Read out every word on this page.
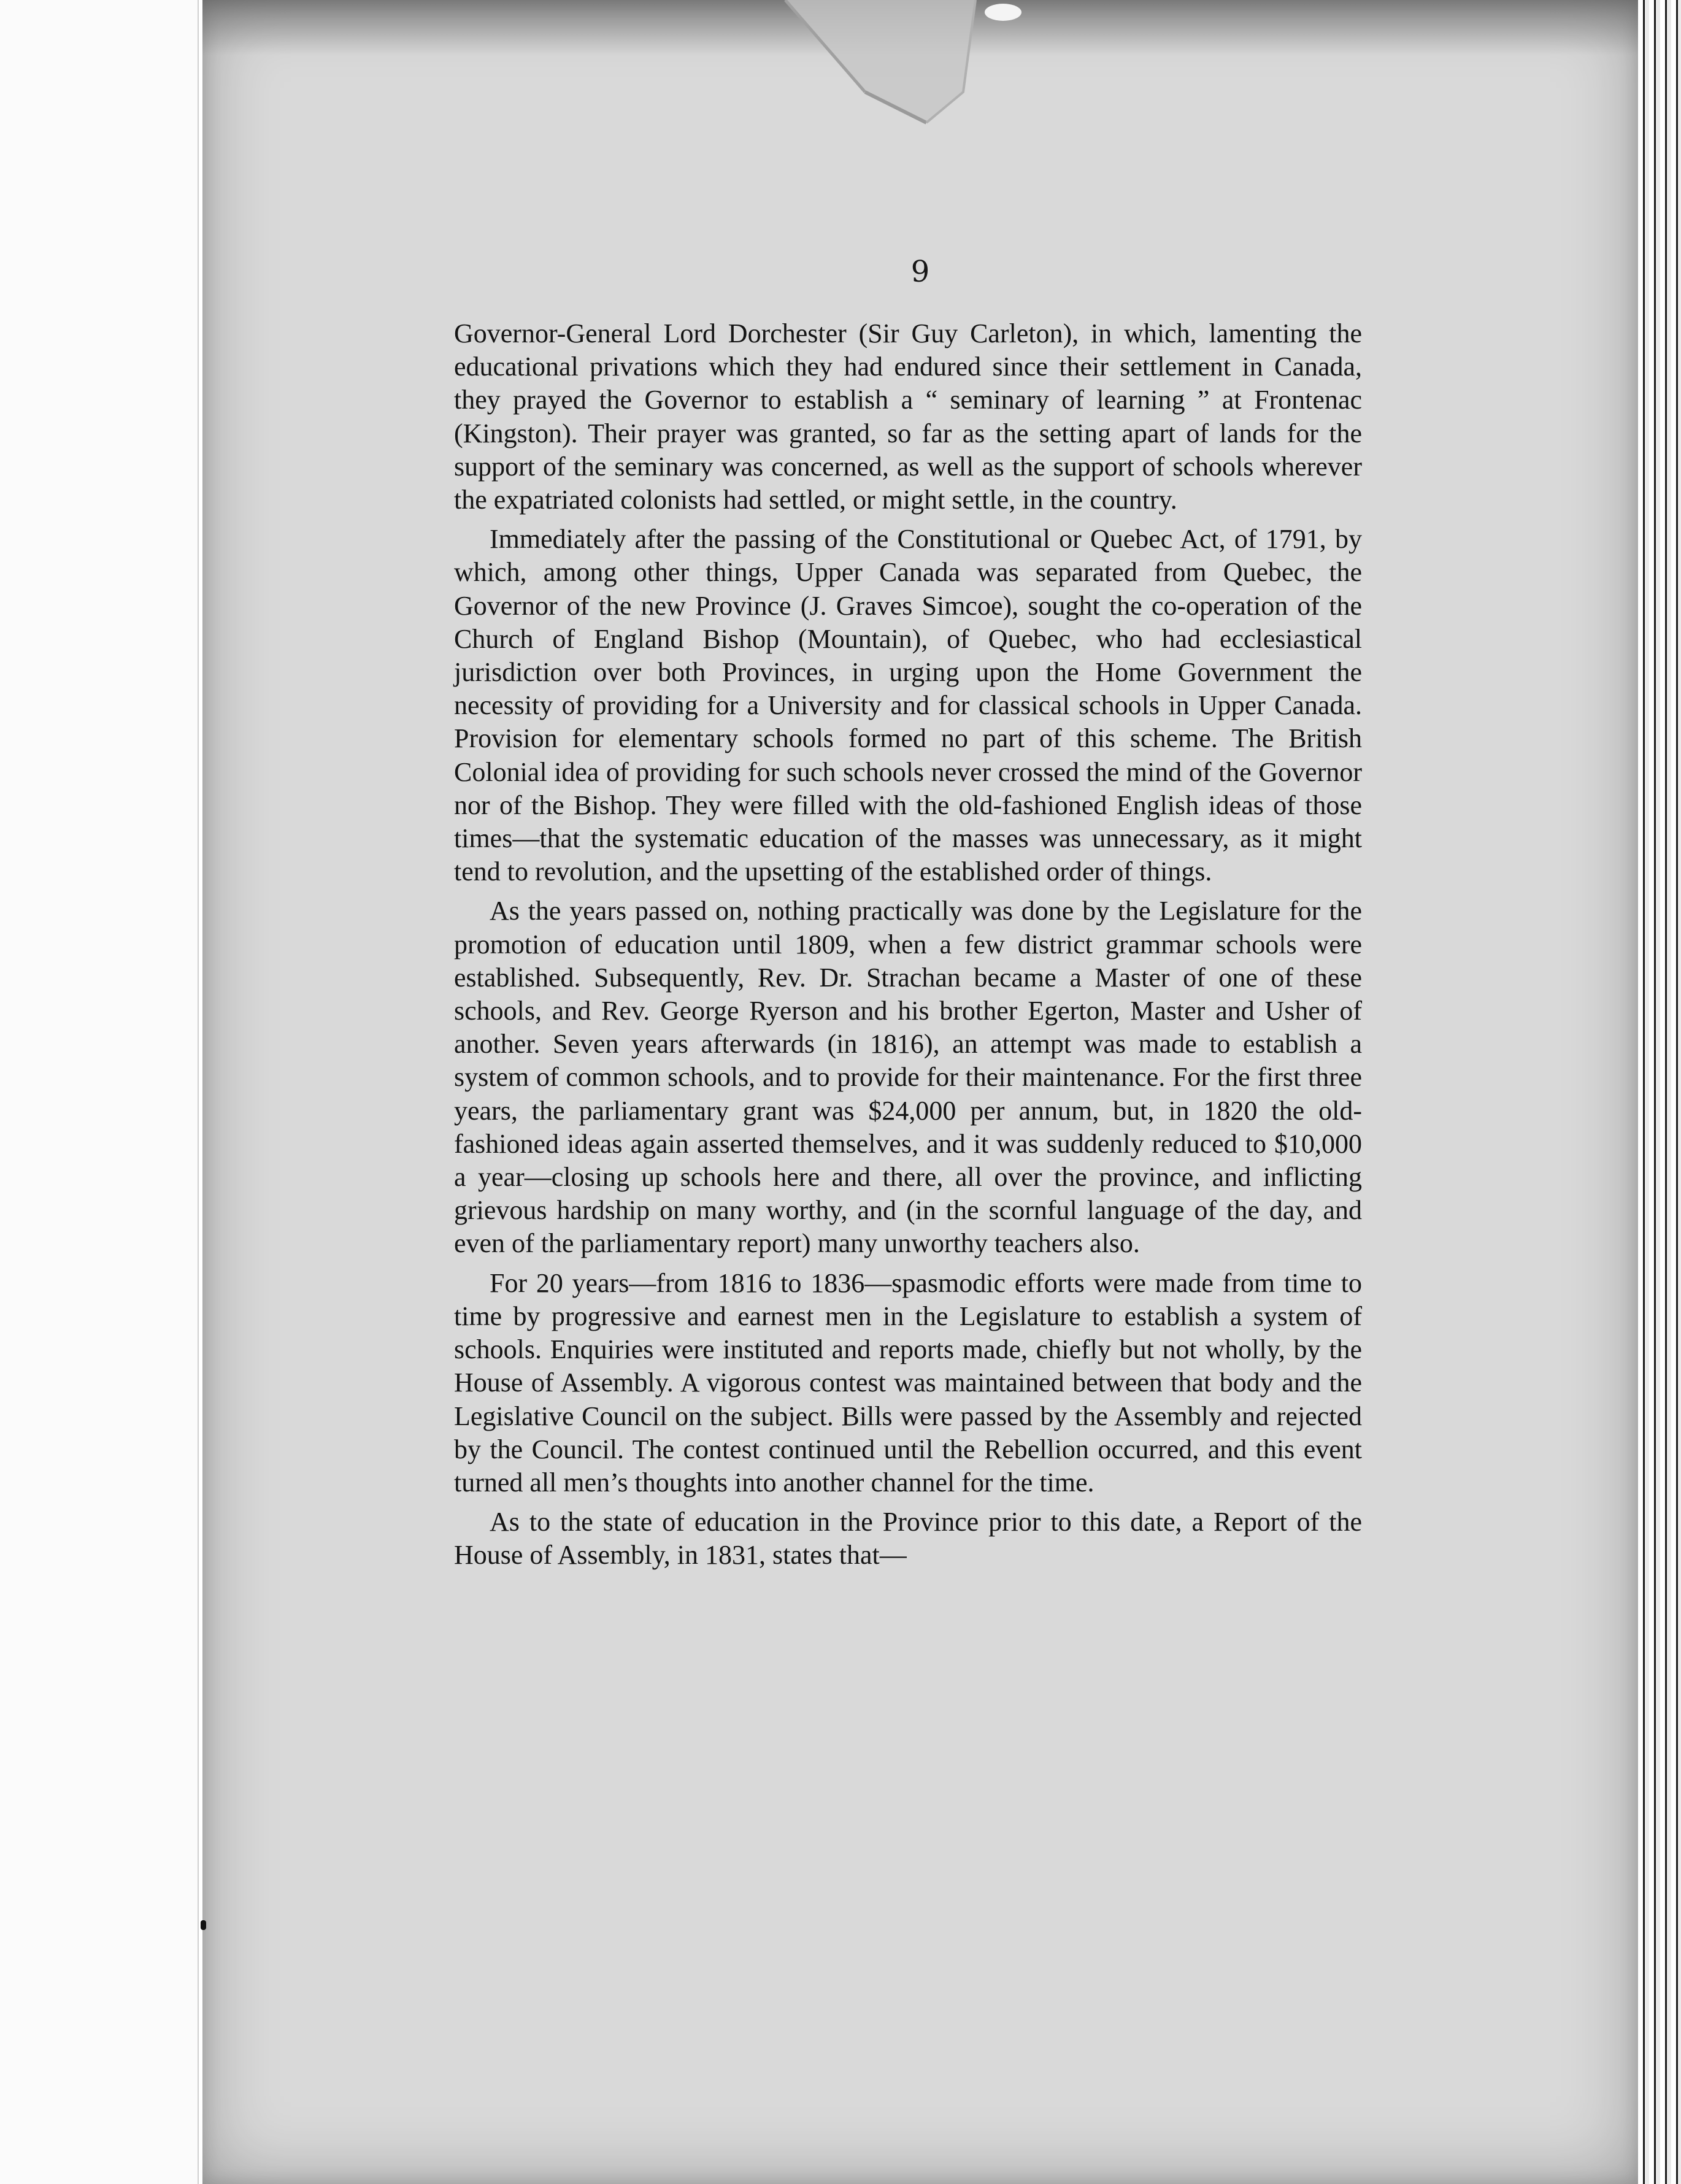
9

Governor-General Lord Dorchester (Sir Guy Carleton), in which, lamenting the educational privations which they had endured since their settlement in Canada, they prayed the Governor to establish a “ seminary of learning ” at Frontenac (Kingston). Their prayer was granted, so far as the setting apart of lands for the support of the seminary was concerned, as well as the support of schools wherever the expatriated colonists had settled, or might settle, in the country.

Immediately after the passing of the Constitutional or Quebec Act, of 1791, by which, among other things, Upper Canada was separated from Quebec, the Governor of the new Province (J. Graves Simcoe), sought the co-operation of the Church of England Bishop (Mountain), of Quebec, who had ecclesiastical jurisdiction over both Provinces, in urging upon the Home Government the necessity of providing for a University and for classical schools in Upper Canada. Provision for elementary schools formed no part of this scheme. The British Colonial idea of providing for such schools never crossed the mind of the Governor nor of the Bishop. They were filled with the old-fashioned English ideas of those times—that the systematic education of the masses was unnecessary, as it might tend to revolution, and the upsetting of the established order of things.

As the years passed on, nothing practically was done by the Legislature for the promotion of education until 1809, when a few district grammar schools were established. Subsequently, Rev. Dr. Strachan became a Master of one of these schools, and Rev. George Ryerson and his brother Egerton, Master and Usher of another. Seven years afterwards (in 1816), an attempt was made to establish a system of common schools, and to provide for their maintenance. For the first three years, the parliamentary grant was $24,000 per annum, but, in 1820 the old-fashioned ideas again asserted themselves, and it was suddenly reduced to $10,000 a year—closing up schools here and there, all over the province, and inflicting grievous hardship on many worthy, and (in the scornful language of the day, and even of the parliamentary report) many unworthy teachers also.

For 20 years—from 1816 to 1836—spasmodic efforts were made from time to time by progressive and earnest men in the Legislature to establish a system of schools. Enquiries were instituted and reports made, chiefly but not wholly, by the House of Assembly. A vigorous contest was maintained between that body and the Legislative Council on the subject. Bills were passed by the Assembly and rejected by the Council. The contest continued until the Rebellion occurred, and this event turned all men’s thoughts into another channel for the time.

As to the state of education in the Province prior to this date, a Report of the House of Assembly, in 1831, states that—
